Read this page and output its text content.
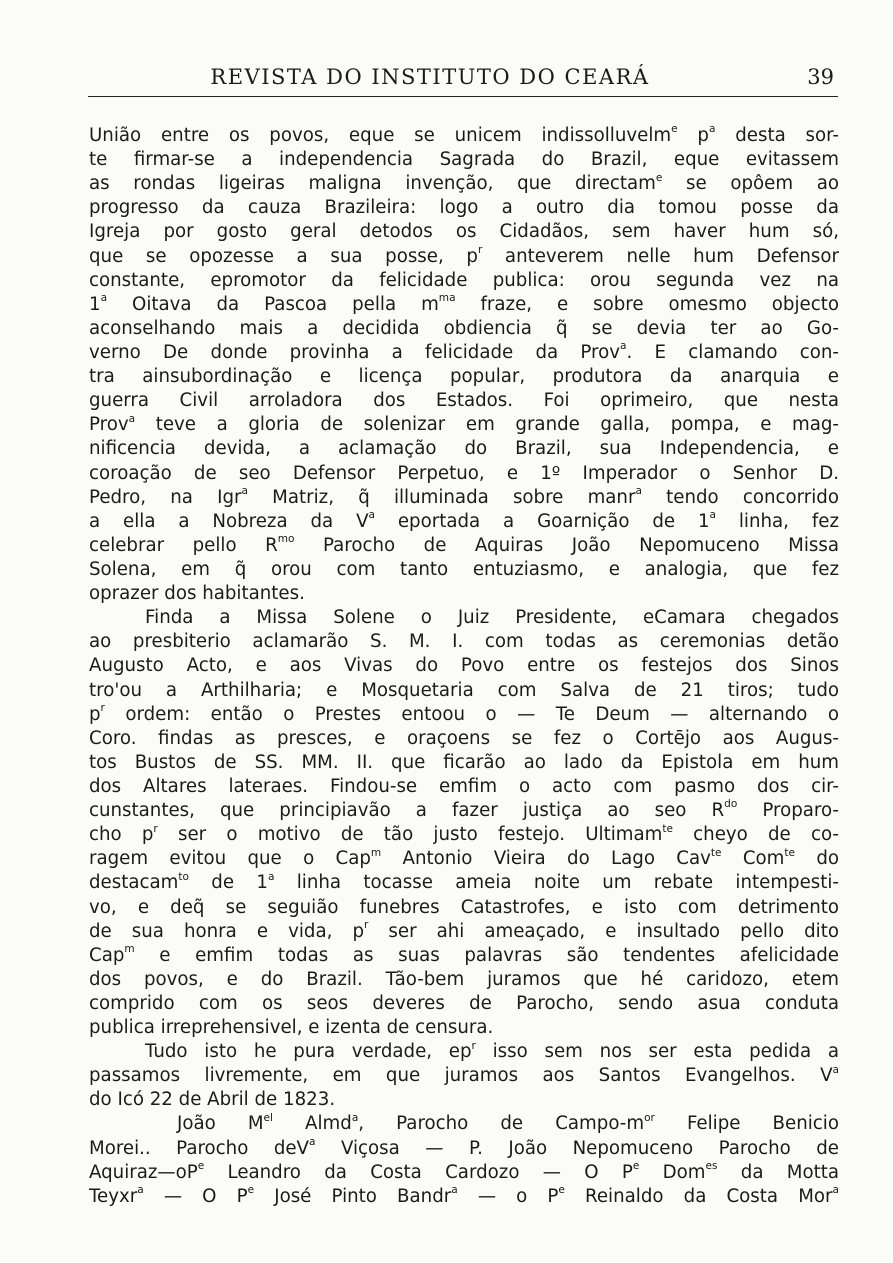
REVISTA DO INSTITUTO DO CEARÁ	39
União entre os povos, eque se unicem indissolluvelm$^e$ $p^a$ desta sor-
te firmar-se a independencia Sagrada do Brazil, eque evitassem
as rondas ligeiras maligna invenção, que directam$^e$ se opôem ao
progresso da cauza Brazileira: logo a outro dia tomou posse da
Igreja por gosto geral detodos os Cidadãos, sem haver hum só,
que se opozesse a sua posse, $p^r$ anteverem nelle hum Defensor
constante, epromotor da felicidade publica: orou segunda vez na
1$^a$ Oitava da Pascoa pella $m^{ma}$ fraze, e sobre omesmo objecto
aconselhando mais a decidida obdiencia q̃ se devia ter ao Go-
verno De donde provinha a felicidade da Prov$^a$. E clamando con-
tra ainsubordinação e licença popular, produtora da anarquia e
guerra Civil arroladora dos Estados. Foi oprimeiro, que nesta
Prov$^a$ teve a gloria de solenizar em grande galla, pompa, e mag-
nificencia devida, a aclamação do Brazil, sua Independencia, e
coroação de seo Defensor Perpetuo, e 1º Imperador o Senhor D.
Pedro, na Igr$^a$ Matriz, q̃ illuminada sobre manr$^a$ tendo concorrido
a ella a Nobreza da $V^a$ eportada a Goarnição de 1$^a$ linha, fez
celebrar pello $R^{mo}$ Parocho de Aquiras João Nepomuceno Missa
Solena, em q̃ orou com tanto entuziasmo, e analogia, que fez
oprazer dos habitantes.
Finda a Missa Solene o Juiz Presidente, eCamara chegados
ao presbiterio aclamarão S. M. I. com todas as ceremonias detão
Augusto Acto, e aos Vivas do Povo entre os festejos dos Sinos
tro'ou a Arthilharia; e Mosquetaria com Salva de 21 tiros; tudo
$p^r$ ordem: então o Prestes entoou o — Te Deum — alternando o
Coro. findas as presces, e oraçoens se fez o Cortējo aos Augus-
tos Bustos de SS. MM. II. que ficarão ao lado da Epistola em hum
dos Altares lateraes. Findou-se emfim o acto com pasmo dos cir-
cunstantes, que principiavão a fazer justiça ao seo $R^{do}$ Proparo-
cho $p^r$ ser o motivo de tão justo festejo. Ultimam$^{te}$ cheyo de co-
ragem evitou que o Cap$^m$ Antonio Vieira do Lago Cav$^{te}$ Com$^{te}$ do
destacam$^{to}$ de 1$^a$ linha tocasse ameia noite um rebate intempesti-
vo, e deq̃ se seguião funebres Catastrofes, e isto com detrimento
de sua honra e vida, $p^r$ ser ahi ameaçado, e insultado pello dito
Cap$^m$ e emfim todas as suas palavras são tendentes afelicidade
dos povos, e do Brazil. Tão-bem juramos que hé caridozo, etem
comprido com os seos deveres de Parocho, sendo asua conduta
publica irreprehensivel, e izenta de censura.
Tudo isto he pura verdade, $ep^r$ isso sem nos ser esta pedida a
passamos livremente, em que juramos aos Santos Evangelhos. $V^a$
do Icó 22 de Abril de 1823.
João $M^{el}$ Almd$^a$, Parocho de Campo-$m^{or}$ Felipe Benicio
Morei.. Parocho deV$^a$ Viçosa — P. João Nepomuceno Parocho de
$Aquiraz—oP^e$ Leandro da Costa Cardozo — O $P^e$ Dom$^{es}$ da Motta
Teyxr$^a$ — O $P^e$ José Pinto Bandr$^a$ — o $P^e$ Reinaldo da Costa Mor$^a$
